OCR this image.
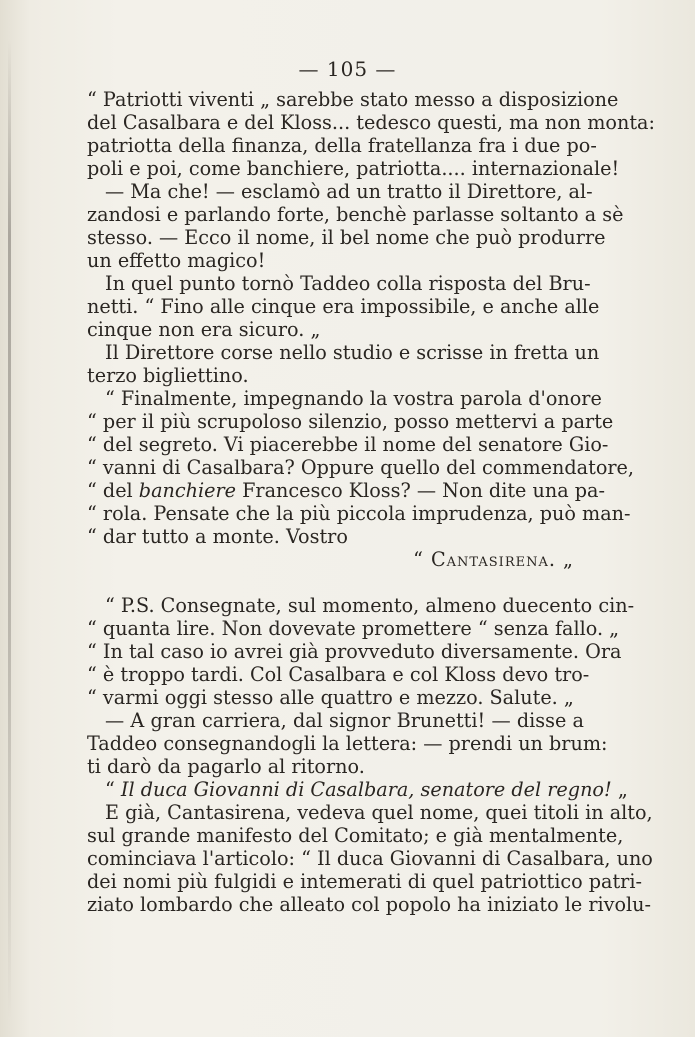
— 105 —
“ Patriotti viventi „ sarebbe stato messo a disposizione
del Casalbara e del Kloss... tedesco questi, ma non monta:
patriotta della finanza, della fratellanza fra i due po-
poli e poi, come banchiere, patriotta.... internazionale!
— Ma che! — esclamò ad un tratto il Direttore, al-
zandosi e parlando forte, benchè parlasse soltanto a sè
stesso. — Ecco il nome, il bel nome che può produrre
un effetto magico!
In quel punto tornò Taddeo colla risposta del Bru-
netti. “ Fino alle cinque era impossibile, e anche alle
cinque non era sicuro. „
Il Direttore corse nello studio e scrisse in fretta un
terzo bigliettino.
“ Finalmente, impegnando la vostra parola d'onore
“ per il più scrupoloso silenzio, posso mettervi a parte
“ del segreto. Vi piacerebbe il nome del senatore Gio-
“ vanni di Casalbara? Oppure quello del commendatore,
“ del banchiere Francesco Kloss? — Non dite una pa-
“ rola. Pensate che la più piccola imprudenza, può man-
“ dar tutto a monte. Vostro
“ Cantasirena. „
“ P.S. Consegnate, sul momento, almeno duecento cin-
“ quanta lire. Non dovevate promettere “ senza fallo. „
“ In tal caso io avrei già provveduto diversamente. Ora
“ è troppo tardi. Col Casalbara e col Kloss devo tro-
“ varmi oggi stesso alle quattro e mezzo. Salute. „
— A gran carriera, dal signor Brunetti! — disse a
Taddeo consegnandogli la lettera: — prendi un brum:
ti darò da pagarlo al ritorno.
“ Il duca Giovanni di Casalbara, senatore del regno! „
E già, Cantasirena, vedeva quel nome, quei titoli in alto,
sul grande manifesto del Comitato; e già mentalmente,
cominciava l'articolo: “ Il duca Giovanni di Casalbara, uno
dei nomi più fulgidi e intemerati di quel patriottico patri-
ziato lombardo che alleato col popolo ha iniziato le rivolu-
